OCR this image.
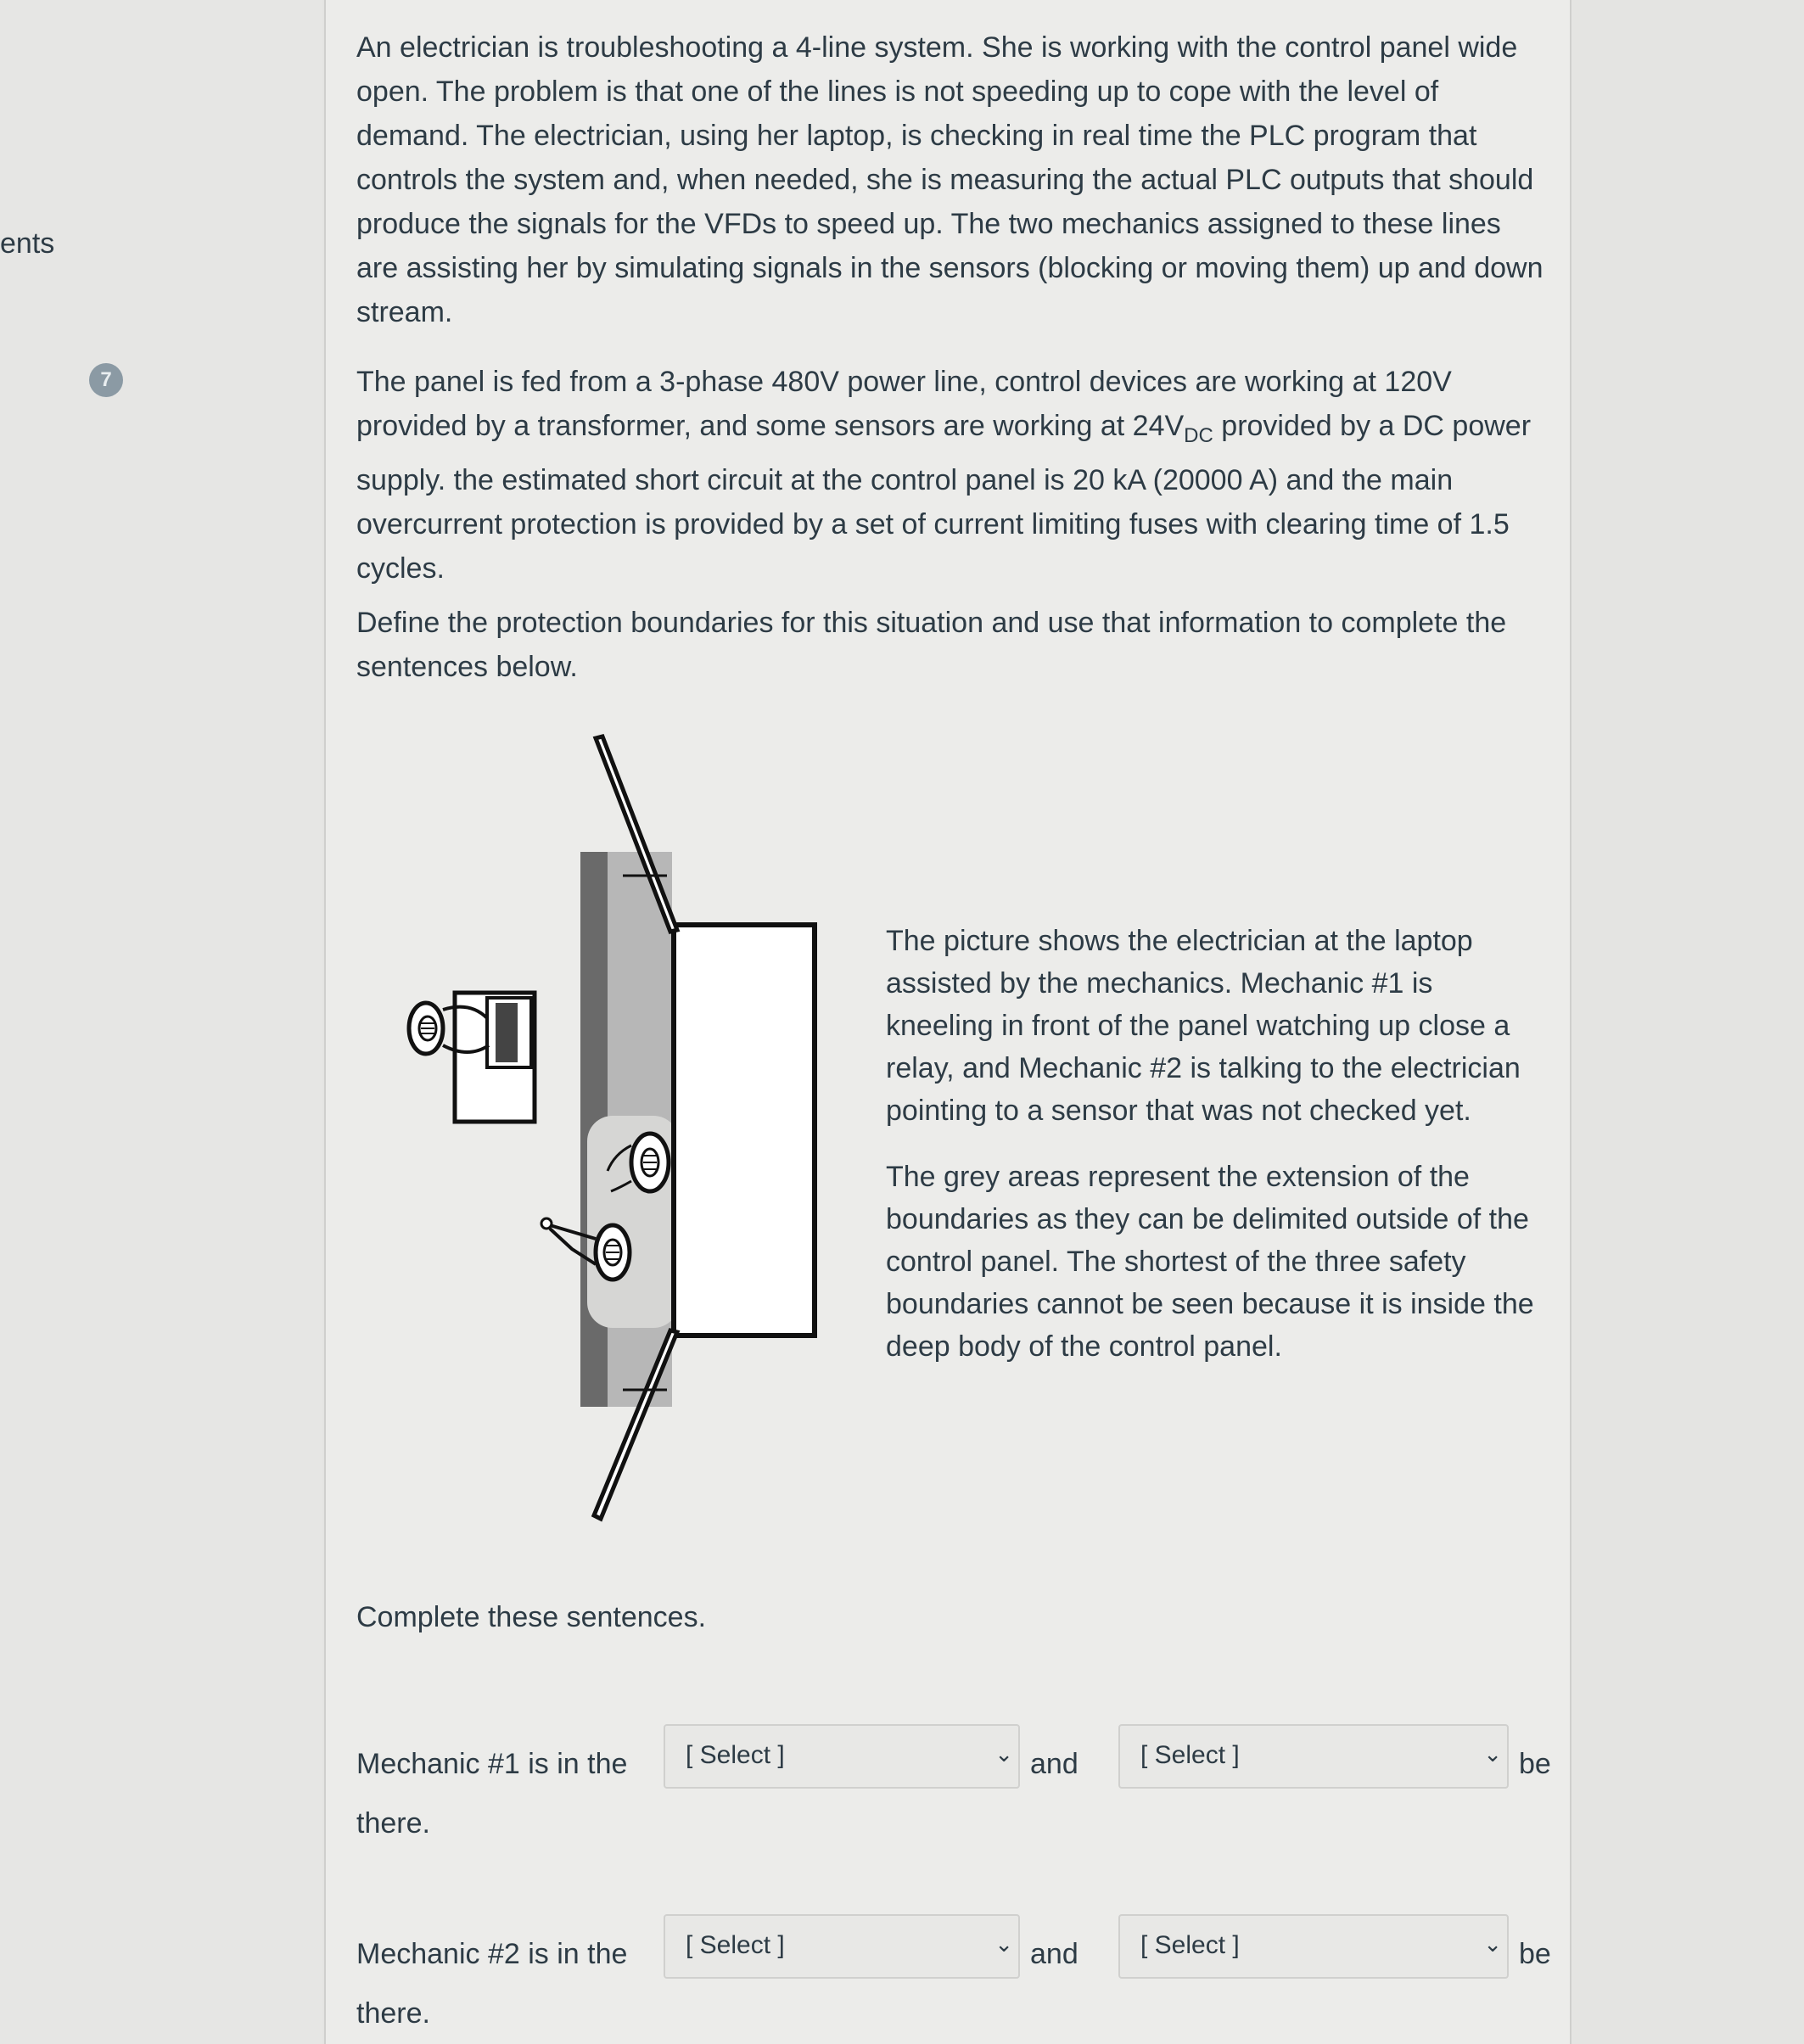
ents
7

An electrician is troubleshooting a 4-line system. She is working with the control panel wide open. The problem is that one of the lines is not speeding up to cope with the level of demand. The electrician, using her laptop, is checking in real time the PLC program that controls the system and, when needed, she is measuring the actual PLC outputs that should produce the signals for the VFDs to speed up. The two mechanics assigned to these lines are assisting her by simulating signals in the sensors (blocking or moving them) up and down stream.

The panel is fed from a 3-phase 480V power line, control devices are working at 120V provided by a transformer, and some sensors are working at $24V_{DC}$ provided by a DC power supply. the estimated short circuit at the control panel is 20 kA (20000 A) and the main overcurrent protection is provided by a set of current limiting fuses with clearing time of 1.5 cycles.

Define the protection boundaries for this situation and use that information to complete the sentences below.

The picture shows the electrician at the laptop assisted by the mechanics. Mechanic #1 is kneeling in front of the panel watching up close a relay, and Mechanic #2 is talking to the electrician pointing to a sensor that was not checked yet.

The grey areas represent the extension of the boundaries as they can be delimited outside of the control panel. The shortest of the three safety boundaries cannot be seen because it is inside the deep body of the control panel.

Complete these sentences.
Mechanic #1 is in the [ Select ]	⌄ and [ Select ]	⌄ be
there.
Mechanic #2 is in the [ Select ]	⌄ and [ Select ]	⌄ be
there.
